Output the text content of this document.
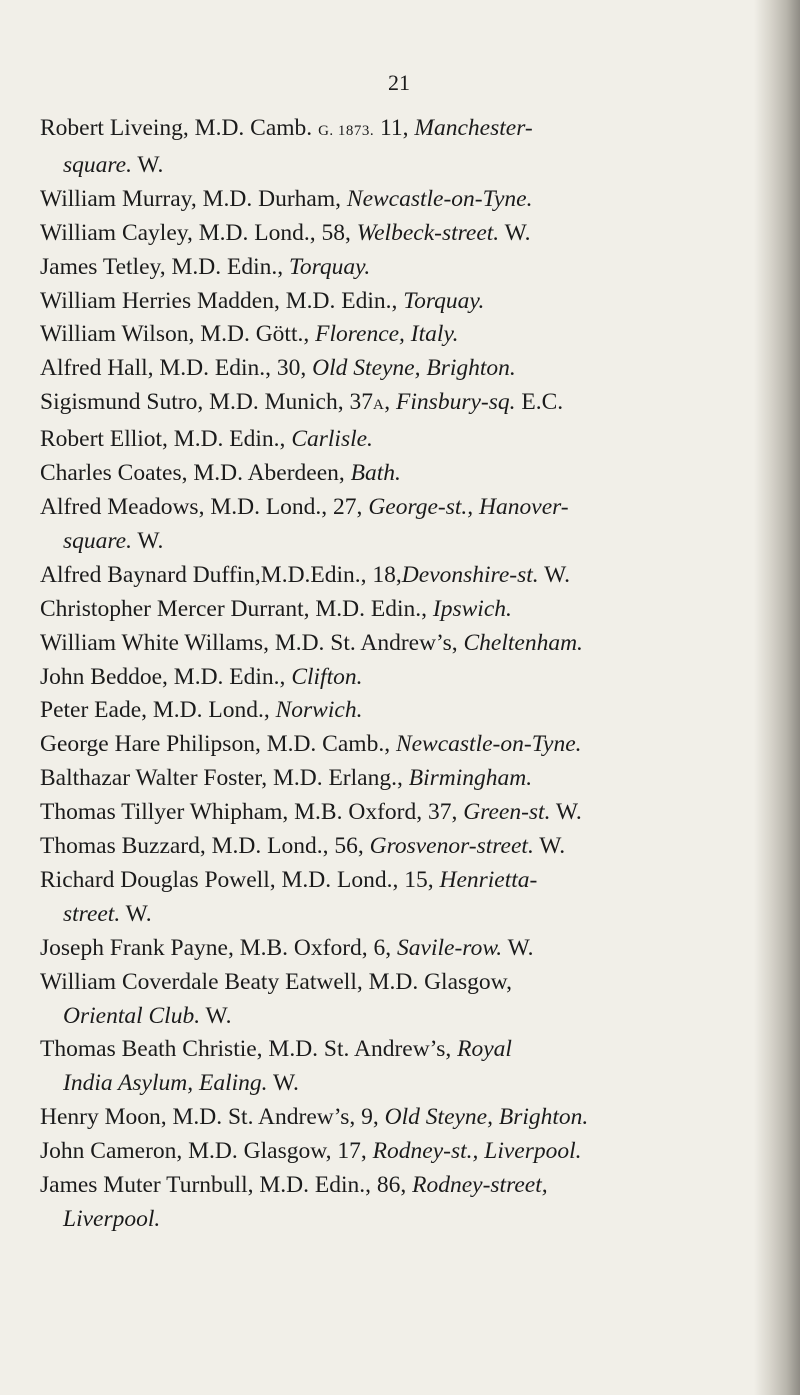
21
Robert Liveing, M.D. Camb. G. 1873. 11, Manchester-
square. W.
William Murray, M.D. Durham, Newcastle-on-Tyne.
William Cayley, M.D. Lond., 58, Welbeck-street. W.
James Tetley, M.D. Edin., Torquay.
William Herries Madden, M.D. Edin., Torquay.
William Wilson, M.D. Gött., Florence, Italy.
Alfred Hall, M.D. Edin., 30, Old Steyne, Brighton.
Sigismund Sutro, M.D. Munich, 37A, Finsbury-sq. E.C.
Robert Elliot, M.D. Edin., Carlisle.
Charles Coates, M.D. Aberdeen, Bath.
Alfred Meadows, M.D. Lond., 27, George-st., Hanover-
square. W.
Alfred Baynard Duffin,M.D.Edin., 18,Devonshire-st. W.
Christopher Mercer Durrant, M.D. Edin., Ipswich.
William White Willams, M.D. St. Andrew’s, Cheltenham.
John Beddoe, M.D. Edin., Clifton.
Peter Eade, M.D. Lond., Norwich.
George Hare Philipson, M.D. Camb., Newcastle-on-Tyne.
Balthazar Walter Foster, M.D. Erlang., Birmingham.
Thomas Tillyer Whipham, M.B. Oxford, 37, Green-st. W.
Thomas Buzzard, M.D. Lond., 56, Grosvenor-street. W.
Richard Douglas Powell, M.D. Lond., 15, Henrietta-
street. W.
Joseph Frank Payne, M.B. Oxford, 6, Savile-row. W.
William Coverdale Beaty Eatwell, M.D. Glasgow,
Oriental Club. W.
Thomas Beath Christie, M.D. St. Andrew’s, Royal
India Asylum, Ealing. W.
Henry Moon, M.D. St. Andrew’s, 9, Old Steyne, Brighton.
John Cameron, M.D. Glasgow, 17, Rodney-st., Liverpool.
James Muter Turnbull, M.D. Edin., 86, Rodney-street,
Liverpool.
